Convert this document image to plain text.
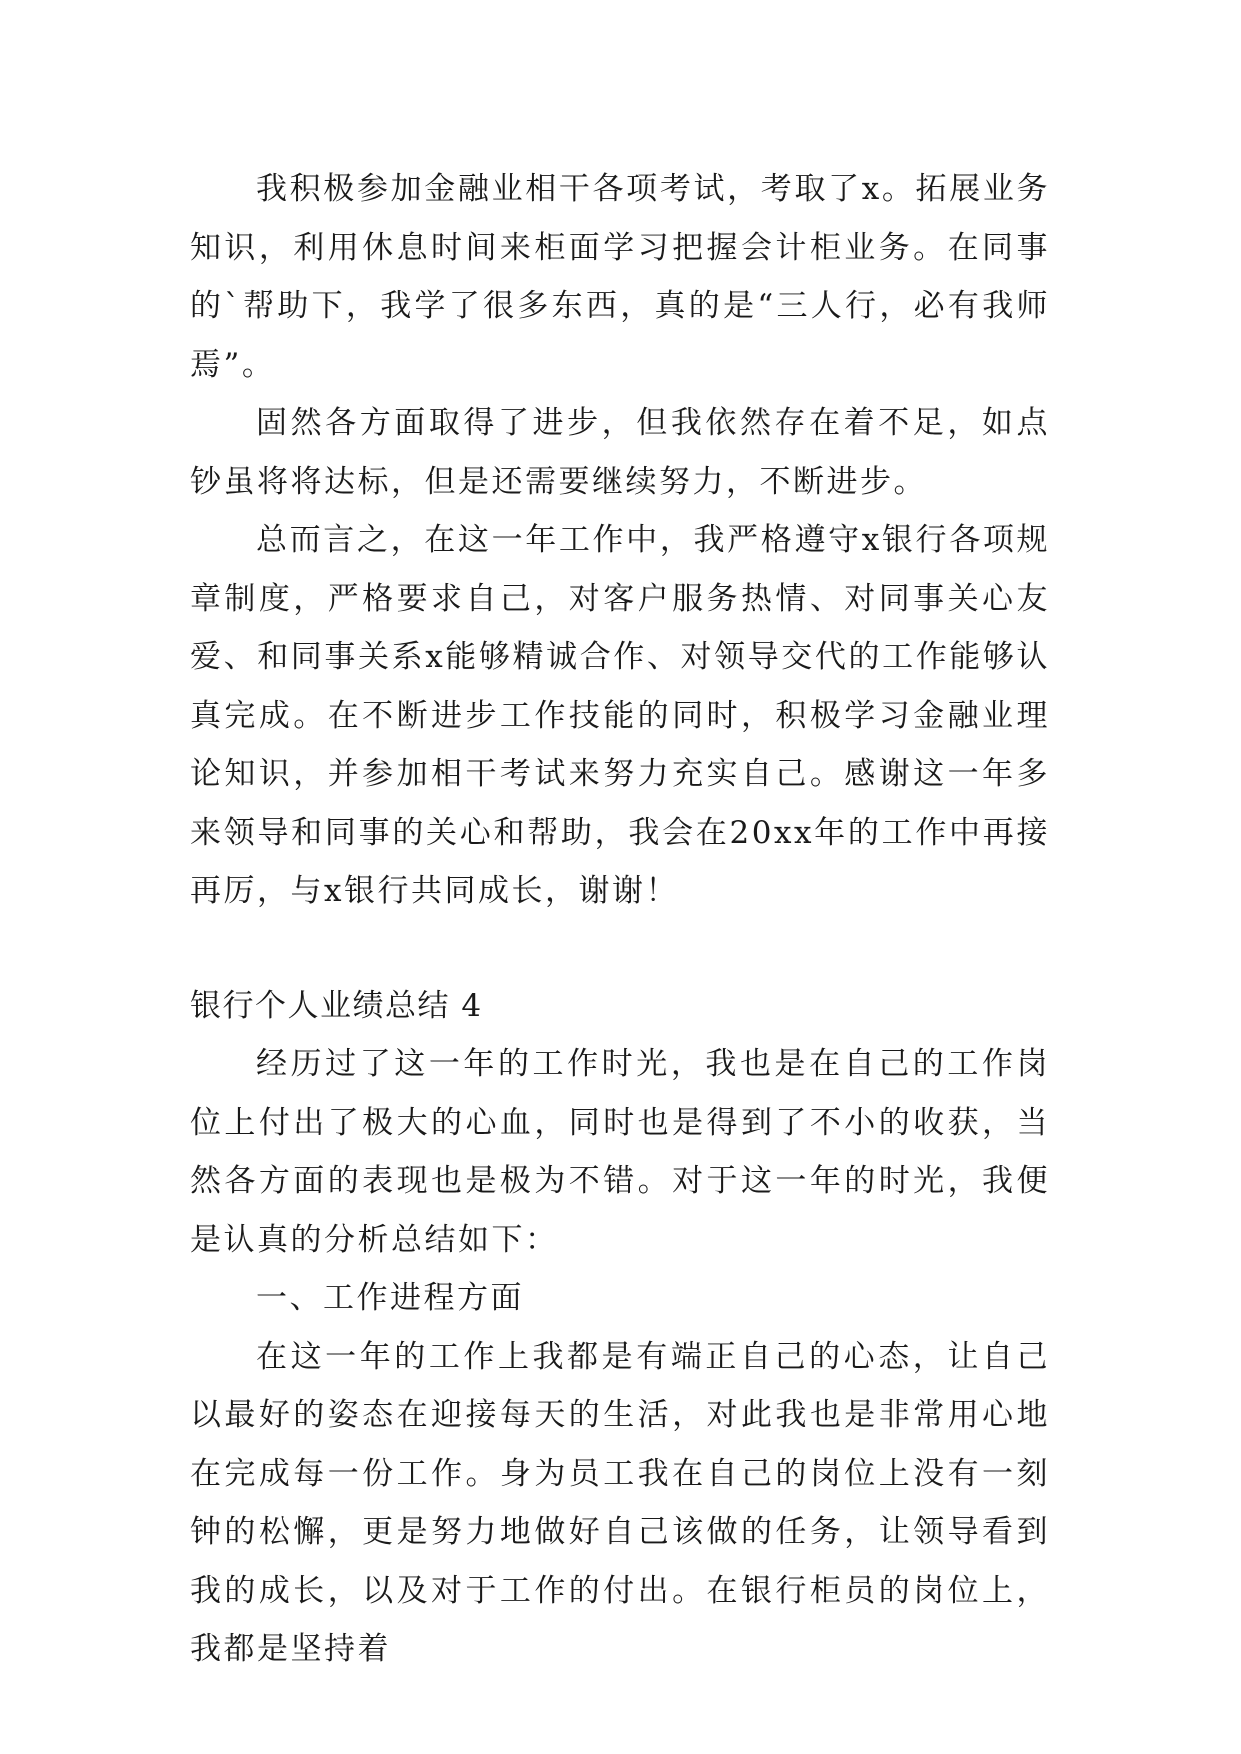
我积极参加金融业相干各项考试，考取了x。拓展业务知识，利用休息时间来柜面学习把握会计柜业务。在同事的`帮助下，我学了很多东西，真的是“三人行，必有我师焉”。

固然各方面取得了进步，但我依然存在着不足，如点钞虽将将达标，但是还需要继续努力，不断进步。

总而言之，在这一年工作中，我严格遵守x银行各项规章制度，严格要求自己，对客户服务热情、对同事关心友爱、和同事关系x能够精诚合作、对领导交代的工作能够认真完成。在不断进步工作技能的同时，积极学习金融业理论知识，并参加相干考试来努力充实自己。感谢这一年多来领导和同事的关心和帮助，我会在20xx年的工作中再接再厉，与x银行共同成长，谢谢！

银行个人业绩总结 4

经历过了这一年的工作时光，我也是在自己的工作岗位上付出了极大的心血，同时也是得到了不小的收获，当然各方面的表现也是极为不错。对于这一年的时光，我便是认真的分析总结如下：

一、工作进程方面

在这一年的工作上我都是有端正自己的心态，让自己以最好的姿态在迎接每天的生活，对此我也是非常用心地在完成每一份工作。身为员工我在自己的岗位上没有一刻钟的松懈，更是努力地做好自己该做的任务，让领导看到我的成长，以及对于工作的付出。在银行柜员的岗位上，我都是坚持着
